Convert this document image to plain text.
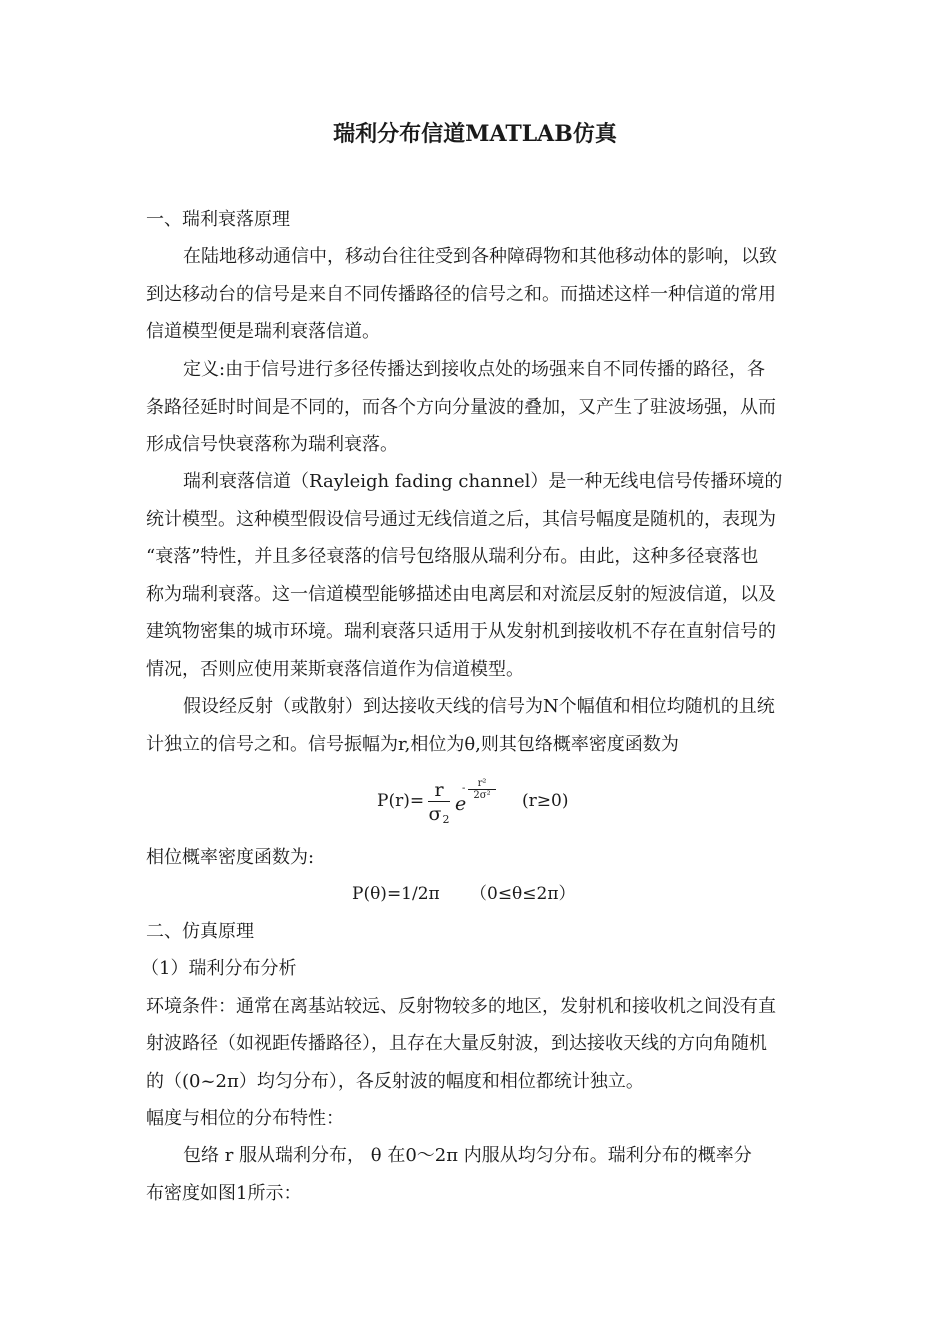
瑞利分布信道MATLAB仿真

一、瑞利衰落原理

在陆地移动通信中，移动台往往受到各种障碍物和其他移动体的影响，以致

到达移动台的信号是来自不同传播路径的信号之和。而描述这样一种信道的常用

信道模型便是瑞利衰落信道。

定义:由于信号进行多径传播达到接收点处的场强来自不同传播的路径，各

条路径延时时间是不同的，而各个方向分量波的叠加，又产生了驻波场强，从而

形成信号快衰落称为瑞利衰落。

瑞利衰落信道（Rayleigh fading channel）是一种无线电信号传播环境的

统计模型。这种模型假设信号通过无线信道之后，其信号幅度是随机的，表现为

“衰落”特性，并且多径衰落的信号包络服从瑞利分布。由此，这种多径衰落也

称为瑞利衰落。这一信道模型能够描述由电离层和对流层反射的短波信道，以及

建筑物密集的城市环境。瑞利衰落只适用于从发射机到接收机不存在直射信号的

情况，否则应使用莱斯衰落信道作为信道模型。

假设经反射（或散射）到达接收天线的信号为N个幅值和相位均随机的且统

计独立的信号之和。信号振幅为r,相位为θ,则其包络概率密度函数为

P(r)= r
σ2
e
-	r²
2σ²	(r≥0)

相位概率密度函数为:

P(θ)=1/2π （0≤θ≤2π）

二、仿真原理

（1）瑞利分布分析

环境条件：通常在离基站较远、反射物较多的地区，发射机和接收机之间没有直

射波路径（如视距传播路径），且存在大量反射波，到达接收天线的方向角随机

的（(0~2π）均匀分布），各反射波的幅度和相位都统计独立。

幅度与相位的分布特性：

包络 r 服从瑞利分布， θ 在0～2π 内服从均匀分布。瑞利分布的概率分

布密度如图1所示：
